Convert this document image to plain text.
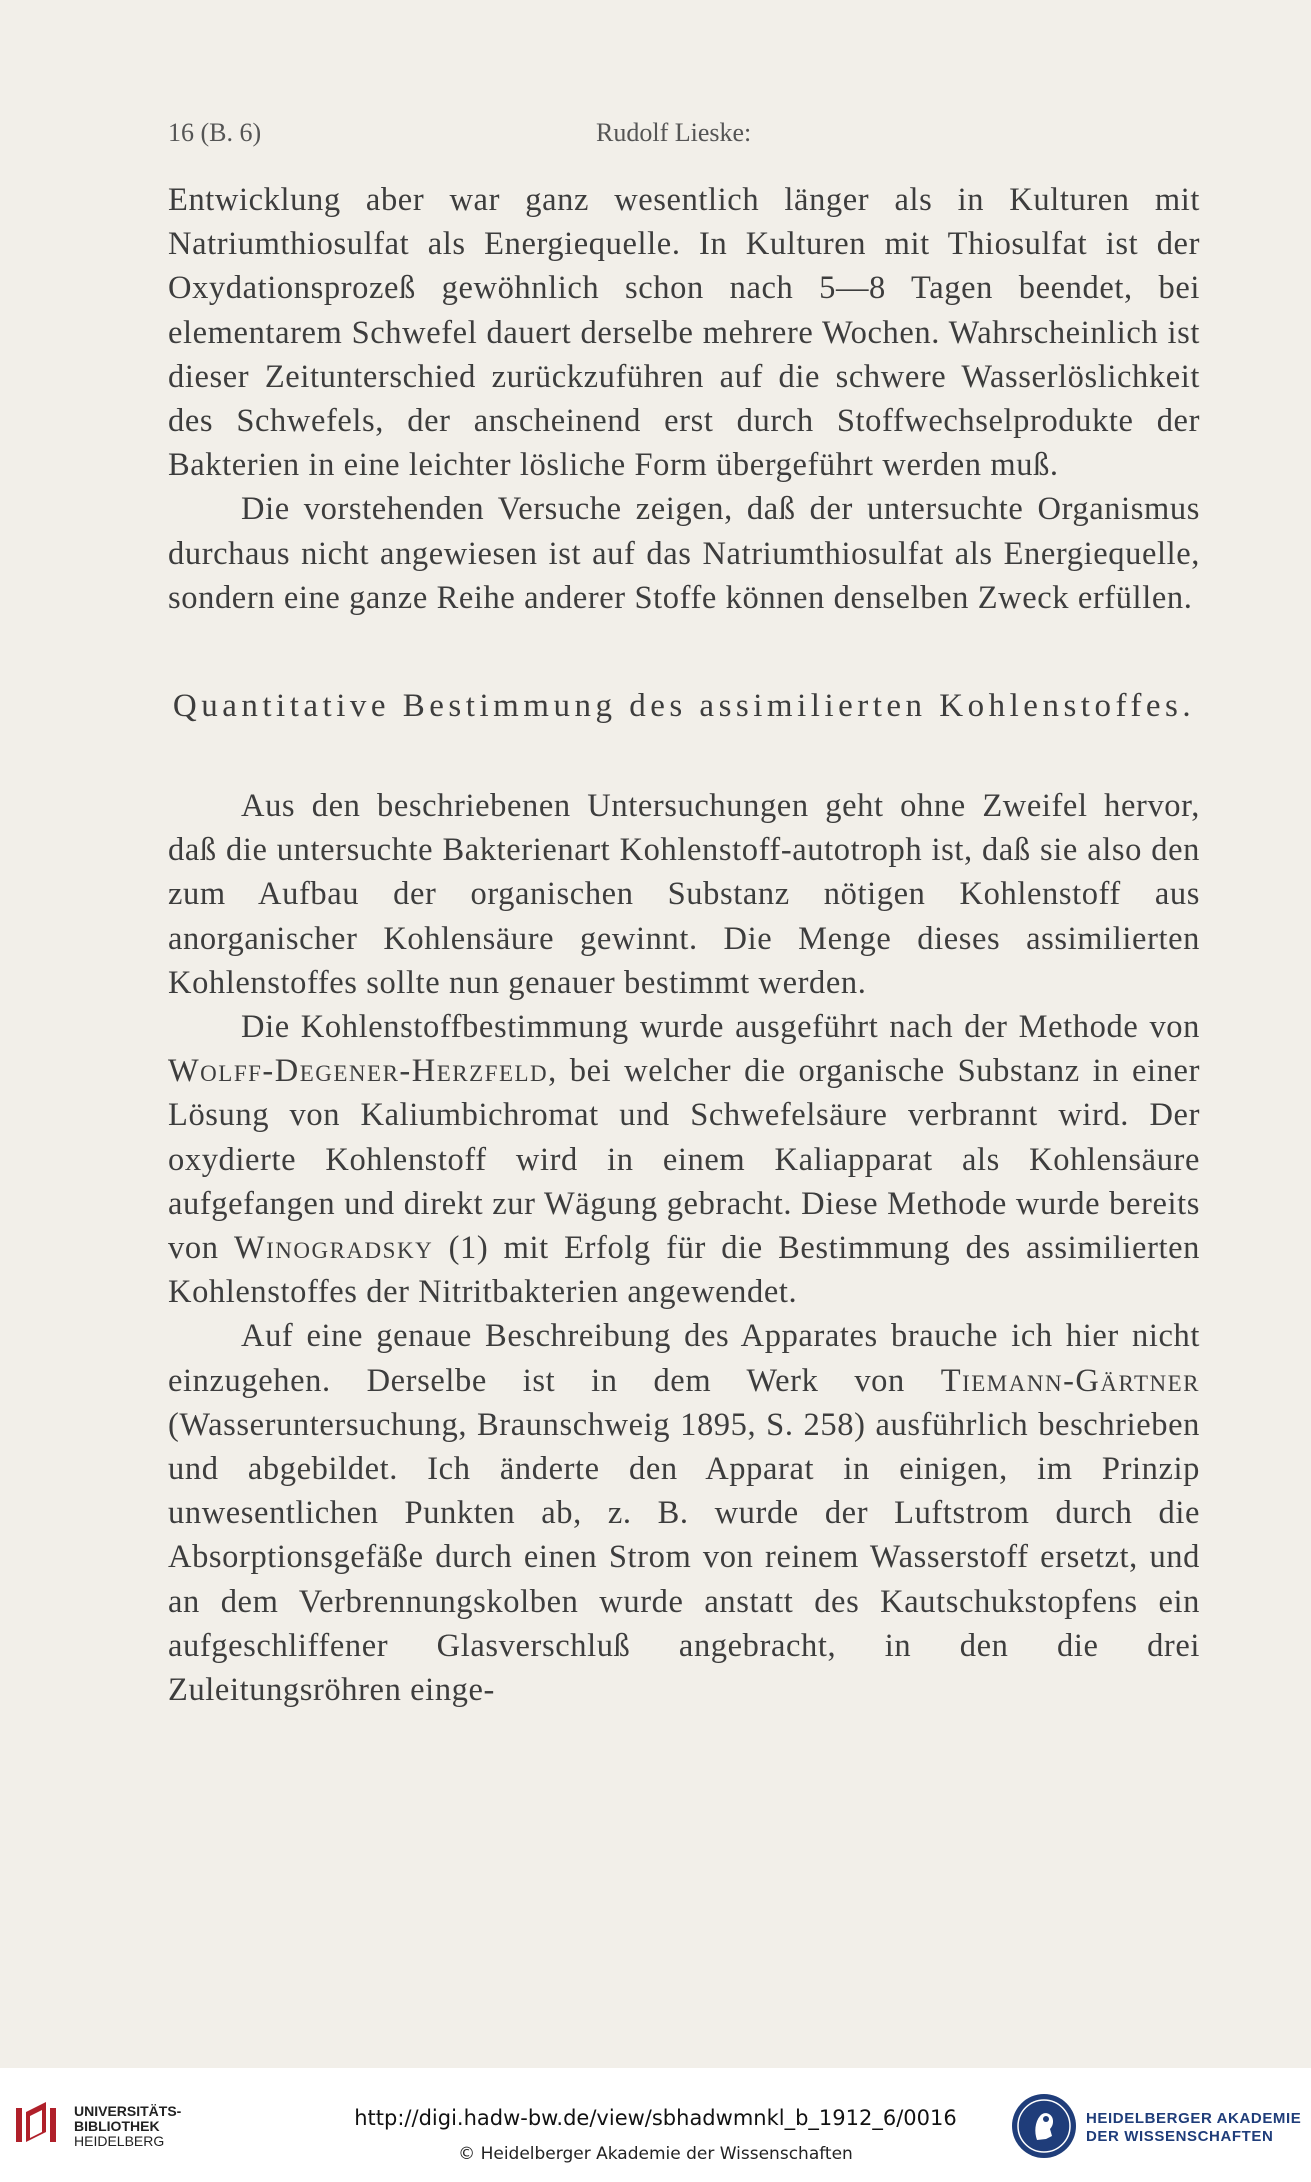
16 (B. 6)	Rudolf Lieske:

Entwicklung aber war ganz wesentlich länger als in Kulturen mit Natriumthiosulfat als Energiequelle. In Kulturen mit Thiosulfat ist der Oxydationsprozeß gewöhnlich schon nach 5—8 Tagen beendet, bei elementarem Schwefel dauert derselbe mehrere Wochen. Wahrscheinlich ist dieser Zeitunterschied zurückzuführen auf die schwere Wasserlöslichkeit des Schwefels, der anscheinend erst durch Stoffwechselprodukte der Bakterien in eine leichter lösliche Form übergeführt werden muß.

Die vorstehenden Versuche zeigen, daß der untersuchte Organismus durchaus nicht angewiesen ist auf das Natriumthiosulfat als Energiequelle, sondern eine ganze Reihe anderer Stoffe können denselben Zweck erfüllen.

Quantitative Bestimmung des assimilierten Kohlenstoffes.

Aus den beschriebenen Untersuchungen geht ohne Zweifel hervor, daß die untersuchte Bakterienart Kohlenstoff-autotroph ist, daß sie also den zum Aufbau der organischen Substanz nötigen Kohlenstoff aus anorganischer Kohlensäure gewinnt. Die Menge dieses assimilierten Kohlenstoffes sollte nun genauer bestimmt werden.

Die Kohlenstoffbestimmung wurde ausgeführt nach der Methode von Wolff-Degener-Herzfeld, bei welcher die organische Substanz in einer Lösung von Kaliumbichromat und Schwefelsäure verbrannt wird. Der oxydierte Kohlenstoff wird in einem Kaliapparat als Kohlensäure aufgefangen und direkt zur Wägung gebracht. Diese Methode wurde bereits von Winogradsky (1) mit Erfolg für die Bestimmung des assimilierten Kohlenstoffes der Nitritbakterien angewendet.

Auf eine genaue Beschreibung des Apparates brauche ich hier nicht einzugehen. Derselbe ist in dem Werk von Tiemann-Gärtner (Wasseruntersuchung, Braunschweig 1895, S. 258) ausführlich beschrieben und abgebildet. Ich änderte den Apparat in einigen, im Prinzip unwesentlichen Punkten ab, z. B. wurde der Luftstrom durch die Absorptionsgefäße durch einen Strom von reinem Wasserstoff ersetzt, und an dem Verbrennungskolben wurde anstatt des Kautschukstopfens ein aufgeschliffener Glasverschluß angebracht, in den die drei Zuleitungsröhren einge-

UNIVERSITÄTS-
BIBLIOTHEK
HEIDELBERG
http://digi.hadw-bw.de/view/sbhadwmnkl_b_1912_6/0016
© Heidelberger Akademie der Wissenschaften
HEIDELBERGER AKADEMIE
DER WISSENSCHAFTEN
